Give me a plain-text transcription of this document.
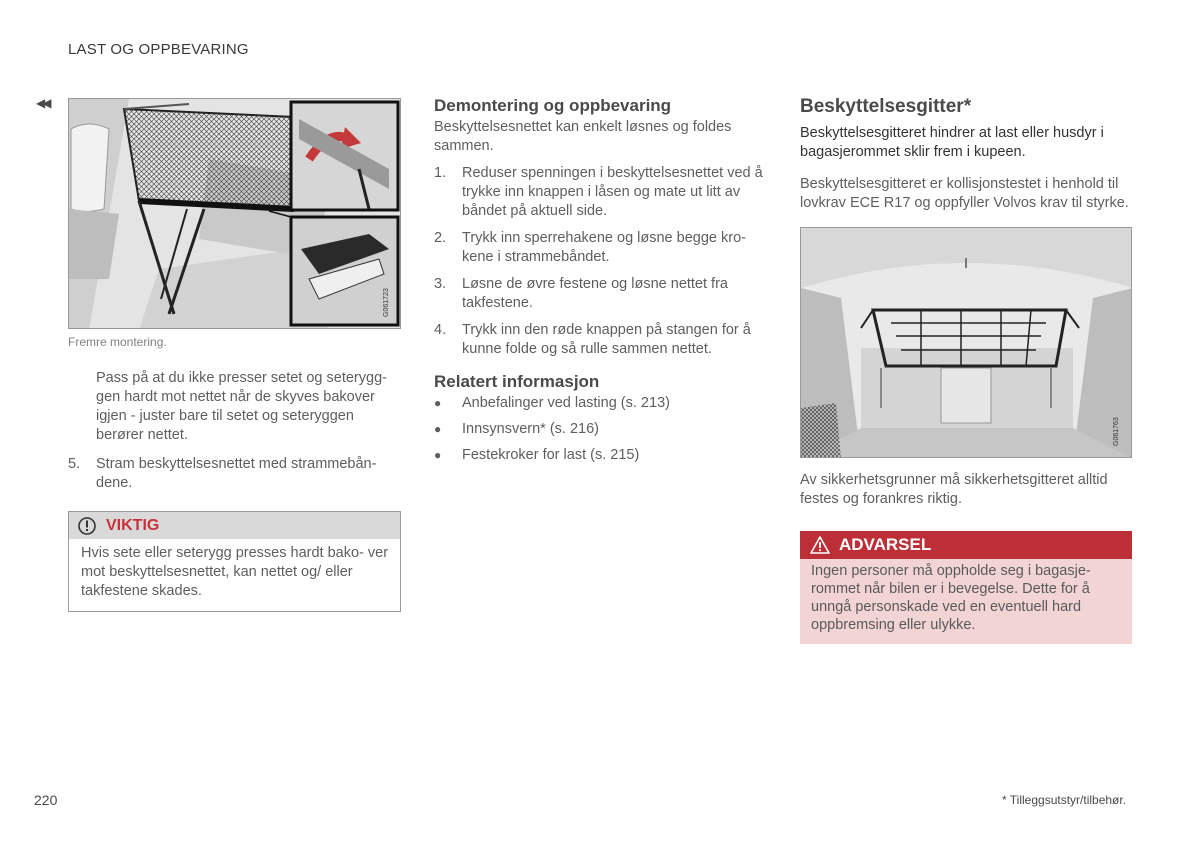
LAST OG OPPBEVARING
◀◀
G061723
Fremre montering.

Pass på at du ikke presser setet og seterygg- gen hardt mot nettet når de skyves bakover igjen - juster bare til setet og seteryggen berører nettet.

5.	Stram beskyttelsesnettet med strammebån- dene.
VIKTIG

Hvis sete eller seterygg presses hardt bako- ver mot beskyttelsesnettet, kan nettet og/ eller takfestene skades.

Demontering og oppbevaring

Beskyttelsesnettet kan enkelt løsnes og foldes sammen.

1.	Reduser spenningen i beskyttelsesnettet ved å trykke inn knappen i låsen og mate ut litt av båndet på aktuell side.
2.	Trykk inn sperrehakene og løsne begge kro- kene i strammebåndet.
3.	Løsne de øvre festene og løsne nettet fra takfestene.
4.	Trykk inn den røde knappen på stangen for å kunne folde og så rulle sammen nettet.
Relatert informasjon
●	Anbefalinger ved lasting (s. 213)
●	Innsynsvern* (s. 216)
●	Festekroker for last (s. 215)
Beskyttelsesgitter*

Beskyttelsesgitteret hindrer at last eller husdyr i bagasjerommet sklir frem i kupeen.

Beskyttelsesgitteret er kollisjonstestet i henhold til lovkrav ECE R17 og oppfyller Volvos krav til styrke.

G061763

Av sikkerhetsgrunner må sikkerhetsgitteret alltid festes og forankres riktig.

ADVARSEL

Ingen personer må oppholde seg i bagasje- rommet når bilen er i bevegelse. Dette for å unngå personskade ved en eventuell hard oppbremsing eller ulykke.

220	* Tilleggsutstyr/tilbehør.
